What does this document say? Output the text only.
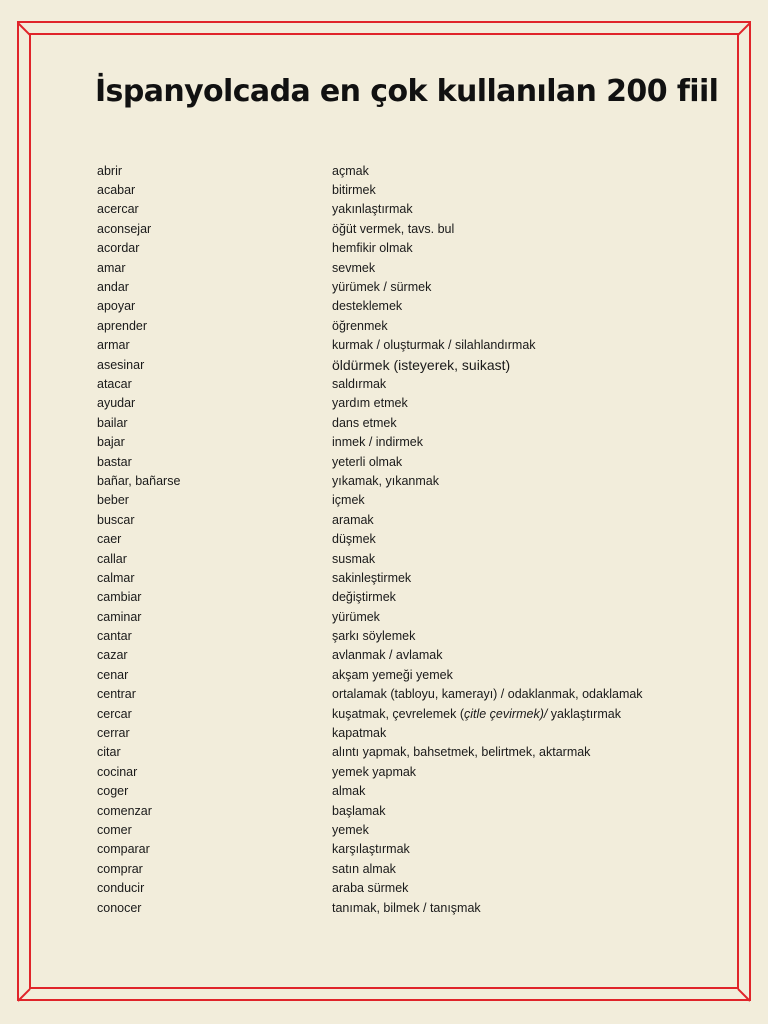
İspanyolcada en çok kullanılan 200 fiil
abrir	açmak
acabar	bitirmek
acercar	yakınlaştırmak
aconsejar	öğüt vermek, tavs. bul
acordar	hemfikir olmak
amar	sevmek
andar	yürümek / sürmek
apoyar	desteklemek
aprender	öğrenmek
armar	kurmak / oluşturmak / silahlandırmak
asesinar	öldürmek (isteyerek, suikast)
atacar	saldırmak
ayudar	yardım etmek
bailar	dans etmek
bajar	inmek / indirmek
bastar	yeterli olmak
bañar, bañarse	yıkamak, yıkanmak
beber	içmek
buscar	aramak
caer	düşmek
callar	susmak
calmar	sakinleştirmek
cambiar	değiştirmek
caminar	yürümek
cantar	şarkı söylemek
cazar	avlanmak / avlamak
cenar	akşam yemeği yemek
centrar	ortalamak (tabloyu, kamerayı) / odaklanmak, odaklamak
cercar	kuşatmak, çevrelemek (çitle çevirmek)/ yaklaştırmak
cerrar	kapatmak
citar	alıntı yapmak, bahsetmek, belirtmek, aktarmak
cocinar	yemek yapmak
coger	almak
comenzar	başlamak
comer	yemek
comparar	karşılaştırmak
comprar	satın almak
conducir	araba sürmek
conocer	tanımak, bilmek / tanışmak
